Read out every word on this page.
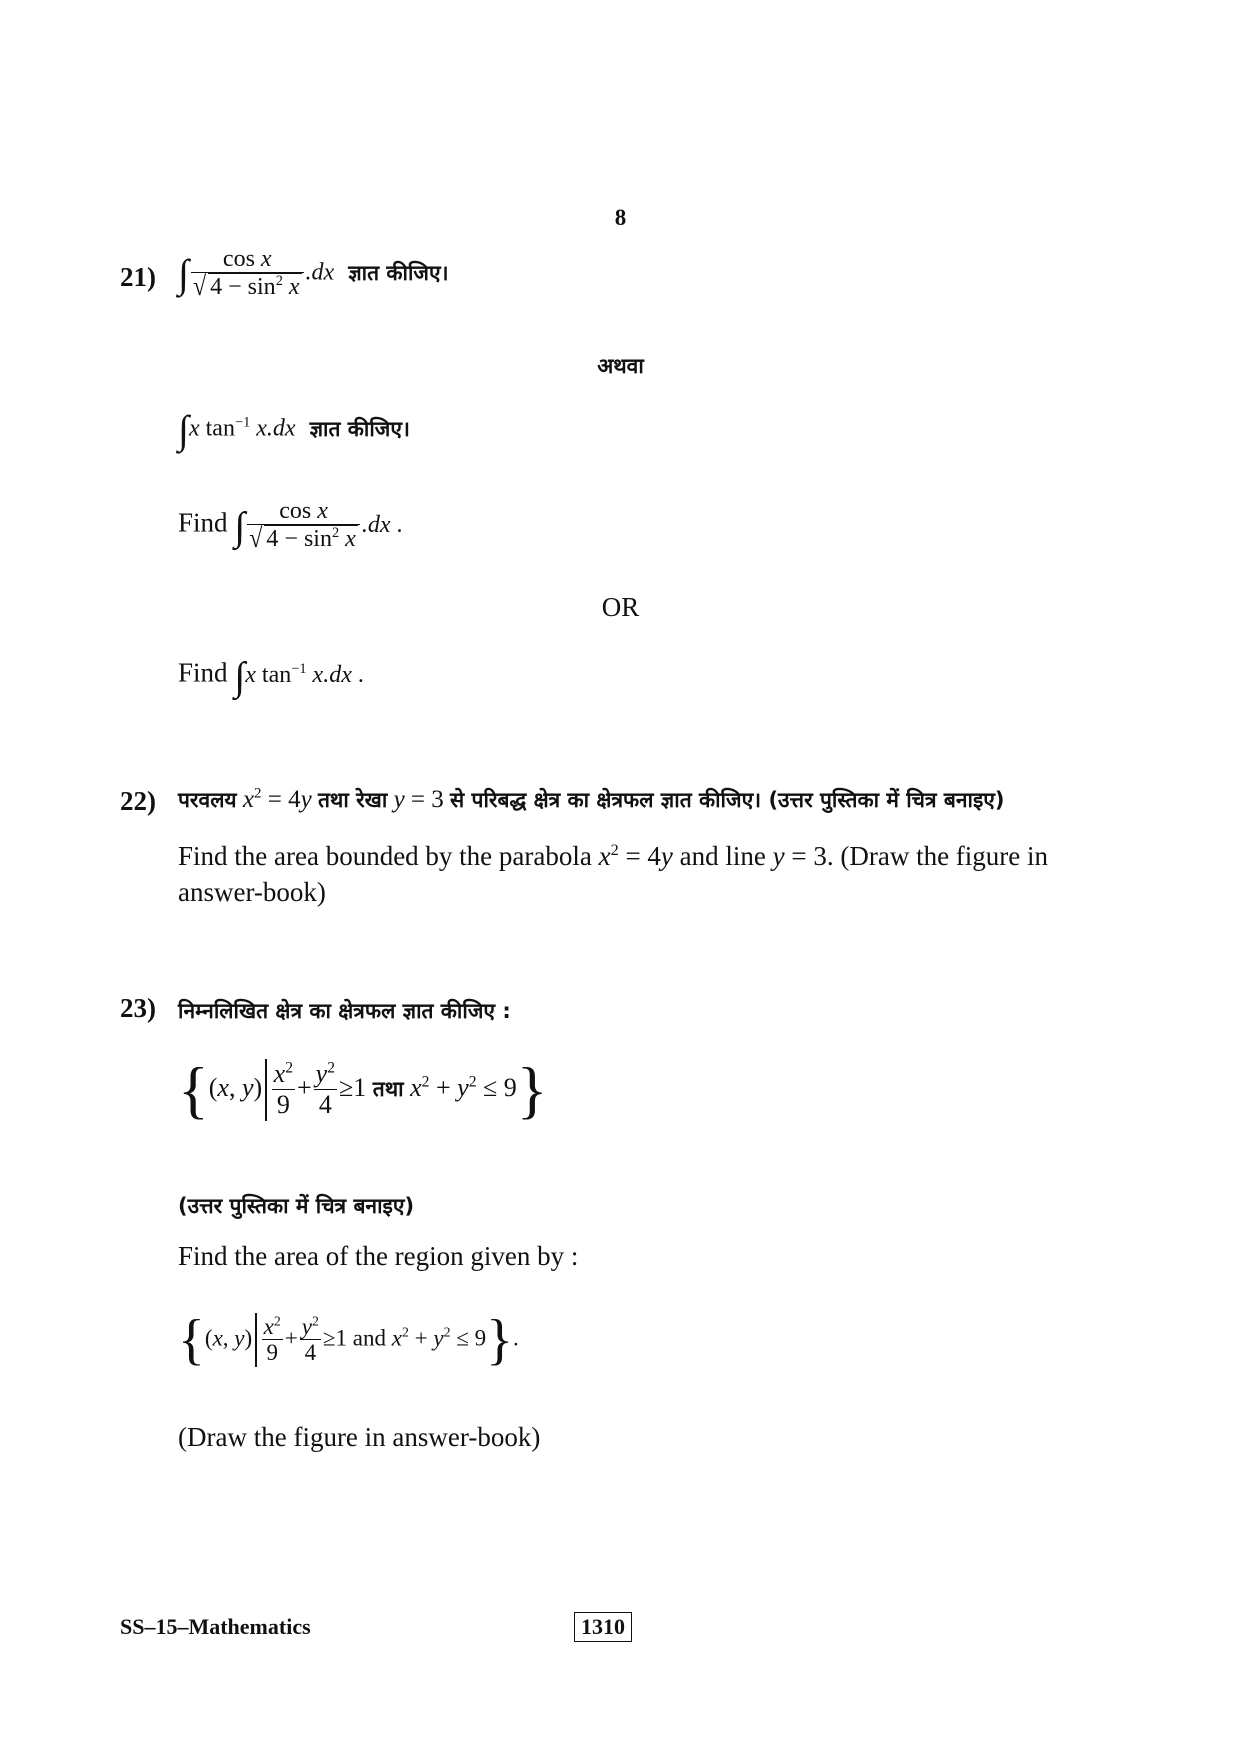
8
21) ∫ $\frac{\text{cos x}}{√ 4 - \sin^2 x} .dx$ ज्ञात कीजिए।
अथवा
∫x $\tan^{-1} x.dx$ ज्ञात कीजिए।
Find ∫ $\frac{\text{cos x}}{√ 4 - \sin^2 x} .dx$ .
OR
Find ∫x $\tan^{-1} x.dx$ .
22) परवलय $x^2 = 4y$ तथा रेखा y = 3 से परिबद्ध क्षेत्र का क्षेत्रफल ज्ञात कीजिए। (उत्तर पुस्तिका में चित्र बनाइए)
Find the area bounded by the parabola $x^2 = 4y$ and line y = 3. (Draw the figure in
answer-book)
23) निम्नलिखित क्षेत्र का क्षेत्रफल ज्ञात कीजिए :
{(x, $y) \frac{x^2}{9} + \frac{y^2}{4} \ge 1$ तथा $x^2 + y^2 \le 9$}
(उत्तर पुस्तिका में चित्र बनाइए)
Find the area of the region given by :
{(x, $y) \frac{x^2}{9} + \frac{y^2}{4} \ge 1$ and $x^2 + y^2 \le 9$}.
(Draw the figure in answer-book)
SS–15–Mathematics	1310
